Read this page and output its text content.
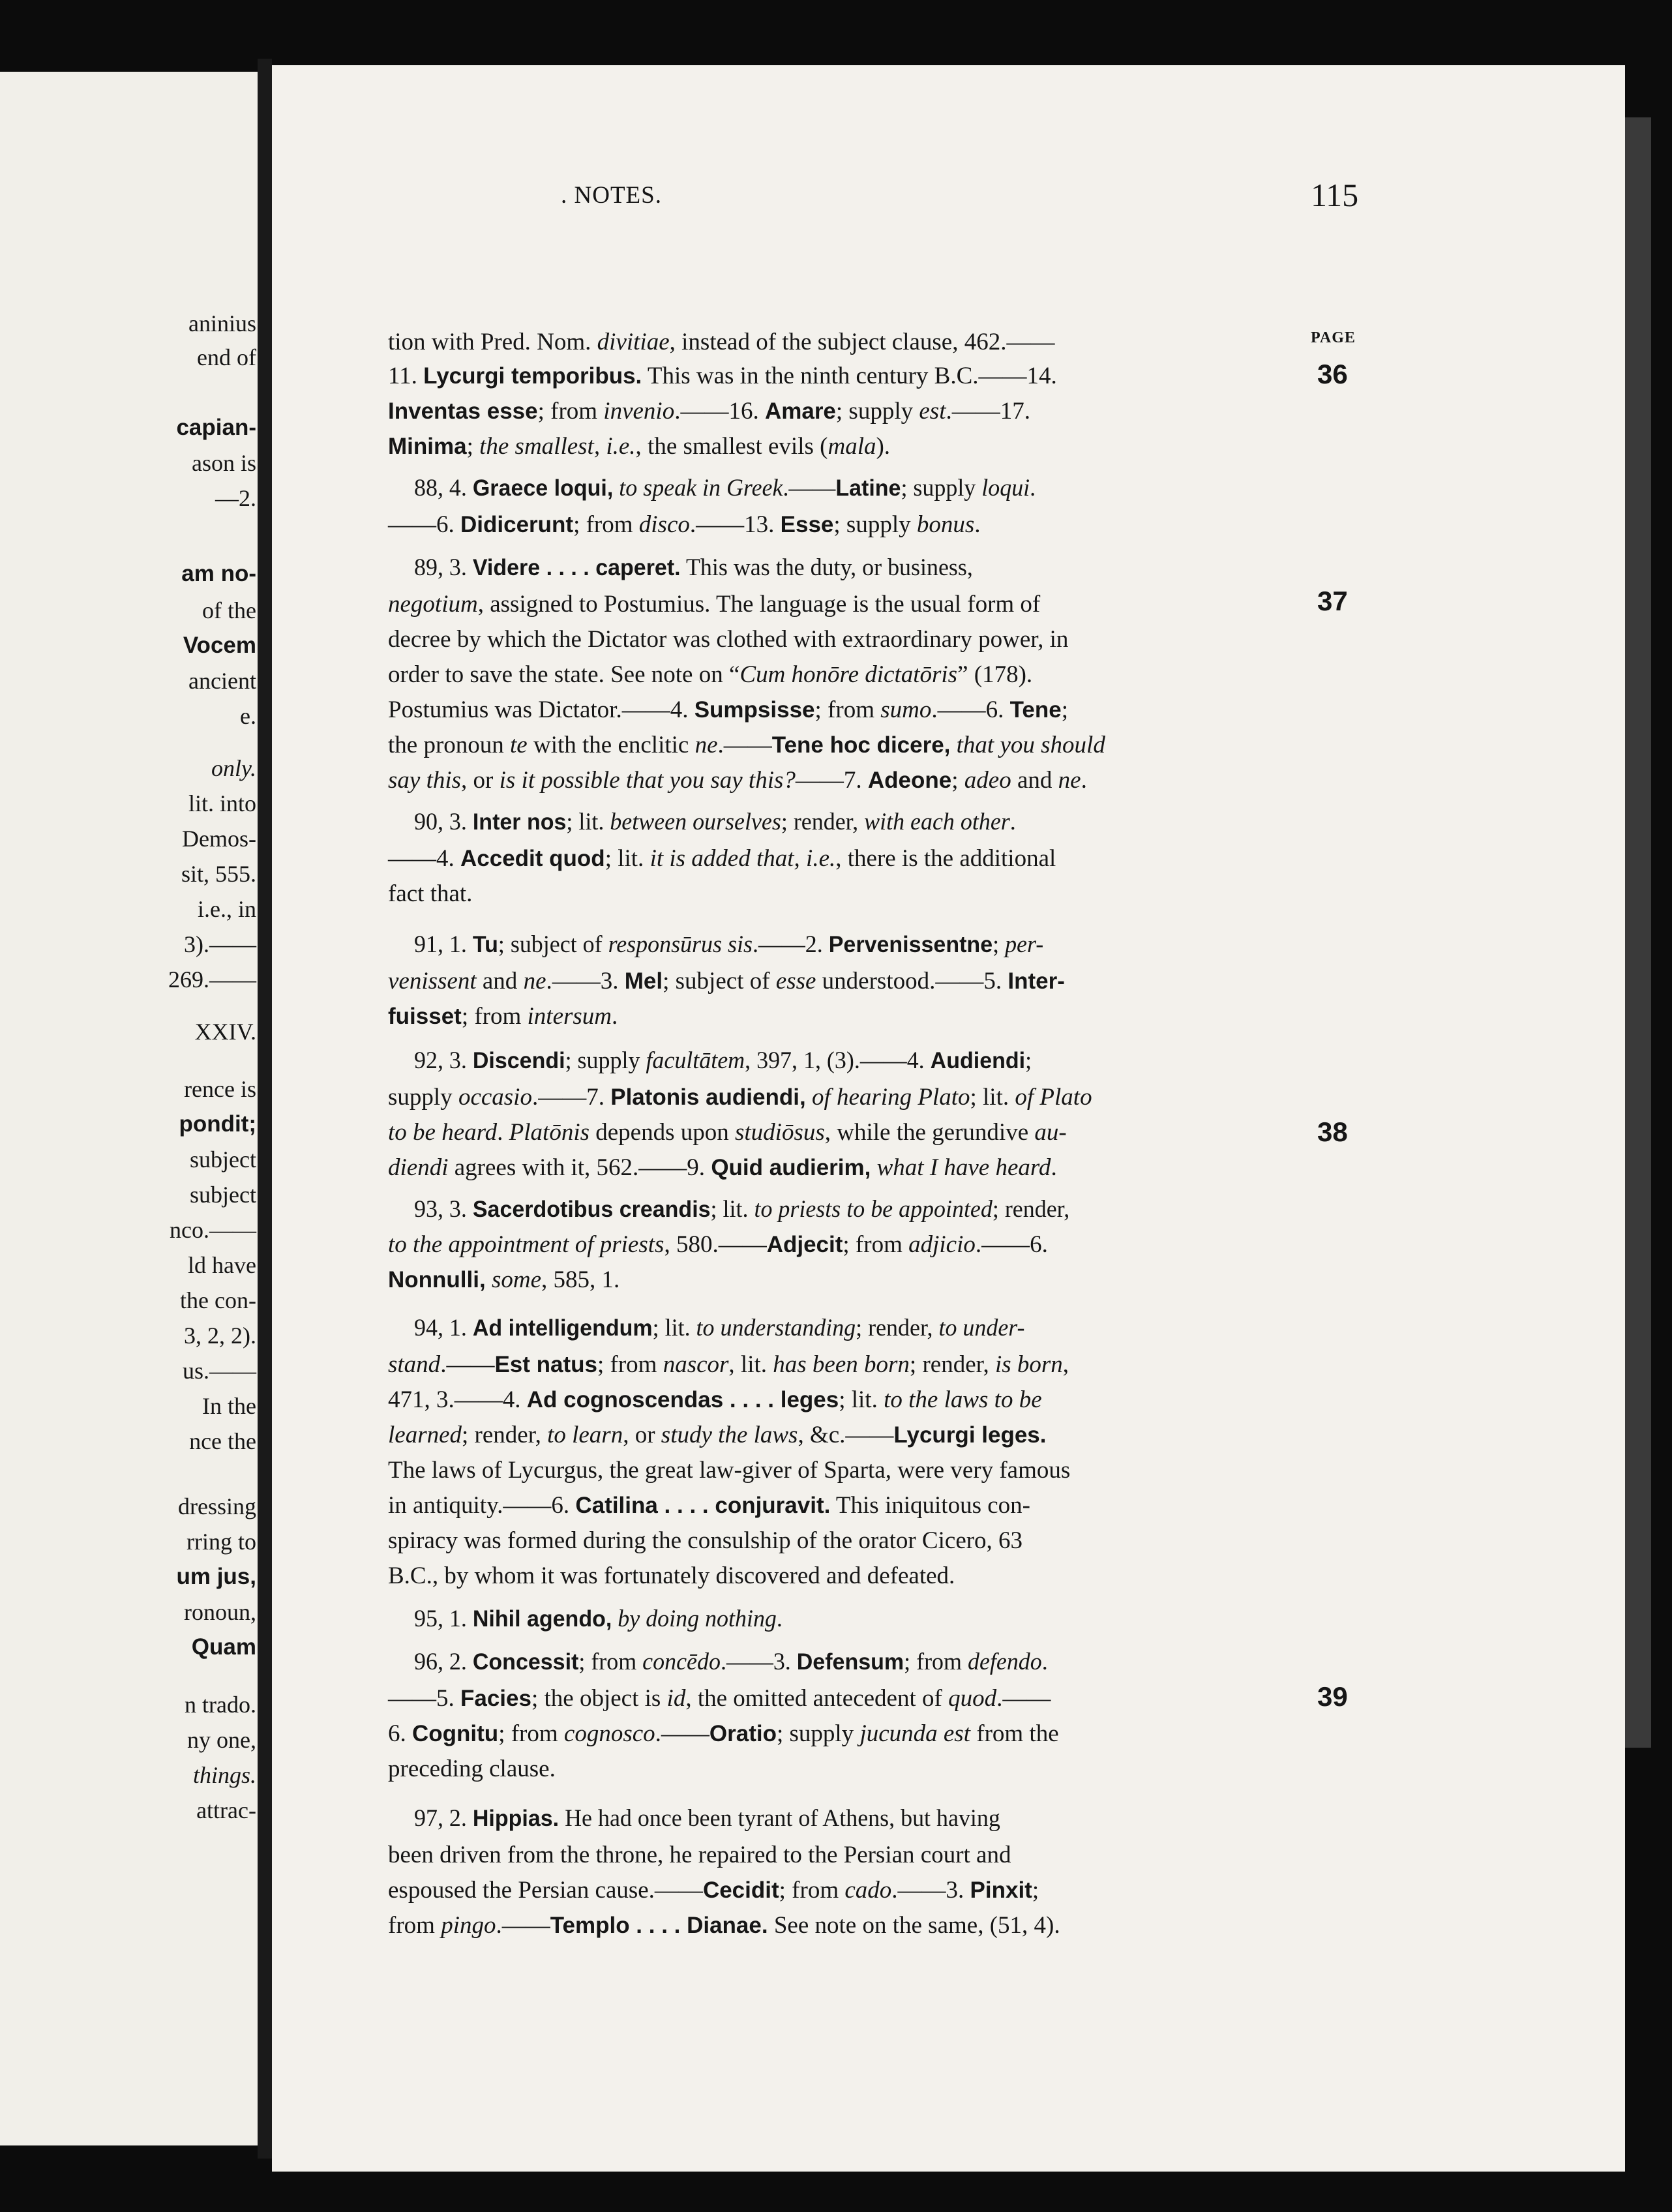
aninius
end of
capian-
ason is
—2.
am no-
of the
Vocem
ancient
e.
only.
lit. into
Demos-
sit, 555.
i.e., in
3).——
269.——
XXIV.
rence is
pondit;
subject
subject
nco.——
ld have
the con-
3, 2, 2).
us.——
In the
nce the
dressing
rring to
um jus,
ronoun,
Quam
n trado.
ny one,
things.
attrac-
. NOTES.	115
PAGE
tion with Pred. Nom. divitiae, instead of the subject clause, 462.——
11. Lycurgi temporibus. This was in the ninth century B.C.——14.
Inventas esse; from invenio.——16. Amare; supply est.——17.
Minima; the smallest, i.e., the smallest evils (mala).
88, 4. Graece loqui, to speak in Greek.——Latine; supply loqui.
——6. Didicerunt; from disco.——13. Esse; supply bonus.
89, 3. Videre . . . . caperet. This was the duty, or business,
negotium, assigned to Postumius. The language is the usual form of
decree by which the Dictator was clothed with extraordinary power, in
order to save the state. See note on “Cum honōre dictatōris” (178).
Postumius was Dictator.——4. Sumpsisse; from sumo.——6. Tene;
the pronoun te with the enclitic ne.——Tene hoc dicere, that you should
say this, or is it possible that you say this?——7. Adeone; adeo and ne.
90, 3. Inter nos; lit. between ourselves; render, with each other.
——4. Accedit quod; lit. it is added that, i.e., there is the additional
fact that.
91, 1. Tu; subject of responsūrus sis.——2. Pervenissentne; per-
venissent and ne.——3. Mel; subject of esse understood.——5. Inter-
fuisset; from intersum.
92, 3. Discendi; supply facultātem, 397, 1, (3).——4. Audiendi;
supply occasio.——7. Platonis audiendi, of hearing Plato; lit. of Plato
to be heard. Platōnis depends upon studiōsus, while the gerundive au-
diendi agrees with it, 562.——9. Quid audierim, what I have heard.
93, 3. Sacerdotibus creandis; lit. to priests to be appointed; render,
to the appointment of priests, 580.——Adjecit; from adjicio.——6.
Nonnulli, some, 585, 1.
94, 1. Ad intelligendum; lit. to understanding; render, to under-
stand.——Est natus; from nascor, lit. has been born; render, is born,
471, 3.——4. Ad cognoscendas . . . . leges; lit. to the laws to be
learned; render, to learn, or study the laws, &c.——Lycurgi leges.
The laws of Lycurgus, the great law-giver of Sparta, were very famous
in antiquity.——6. Catilina . . . . conjuravit. This iniquitous con-
spiracy was formed during the consulship of the orator Cicero, 63
B.C., by whom it was fortunately discovered and defeated.
95, 1. Nihil agendo, by doing nothing.
96, 2. Concessit; from concēdo.——3. Defensum; from defendo.
——5. Facies; the object is id, the omitted antecedent of quod.——
6. Cognitu; from cognosco.——Oratio; supply jucunda est from the
preceding clause.
97, 2. Hippias. He had once been tyrant of Athens, but having
been driven from the throne, he repaired to the Persian court and
espoused the Persian cause.——Cecidit; from cado.——3. Pinxit;
from pingo.——Templo . . . . Dianae. See note on the same, (51, 4).
36
37
38
39
